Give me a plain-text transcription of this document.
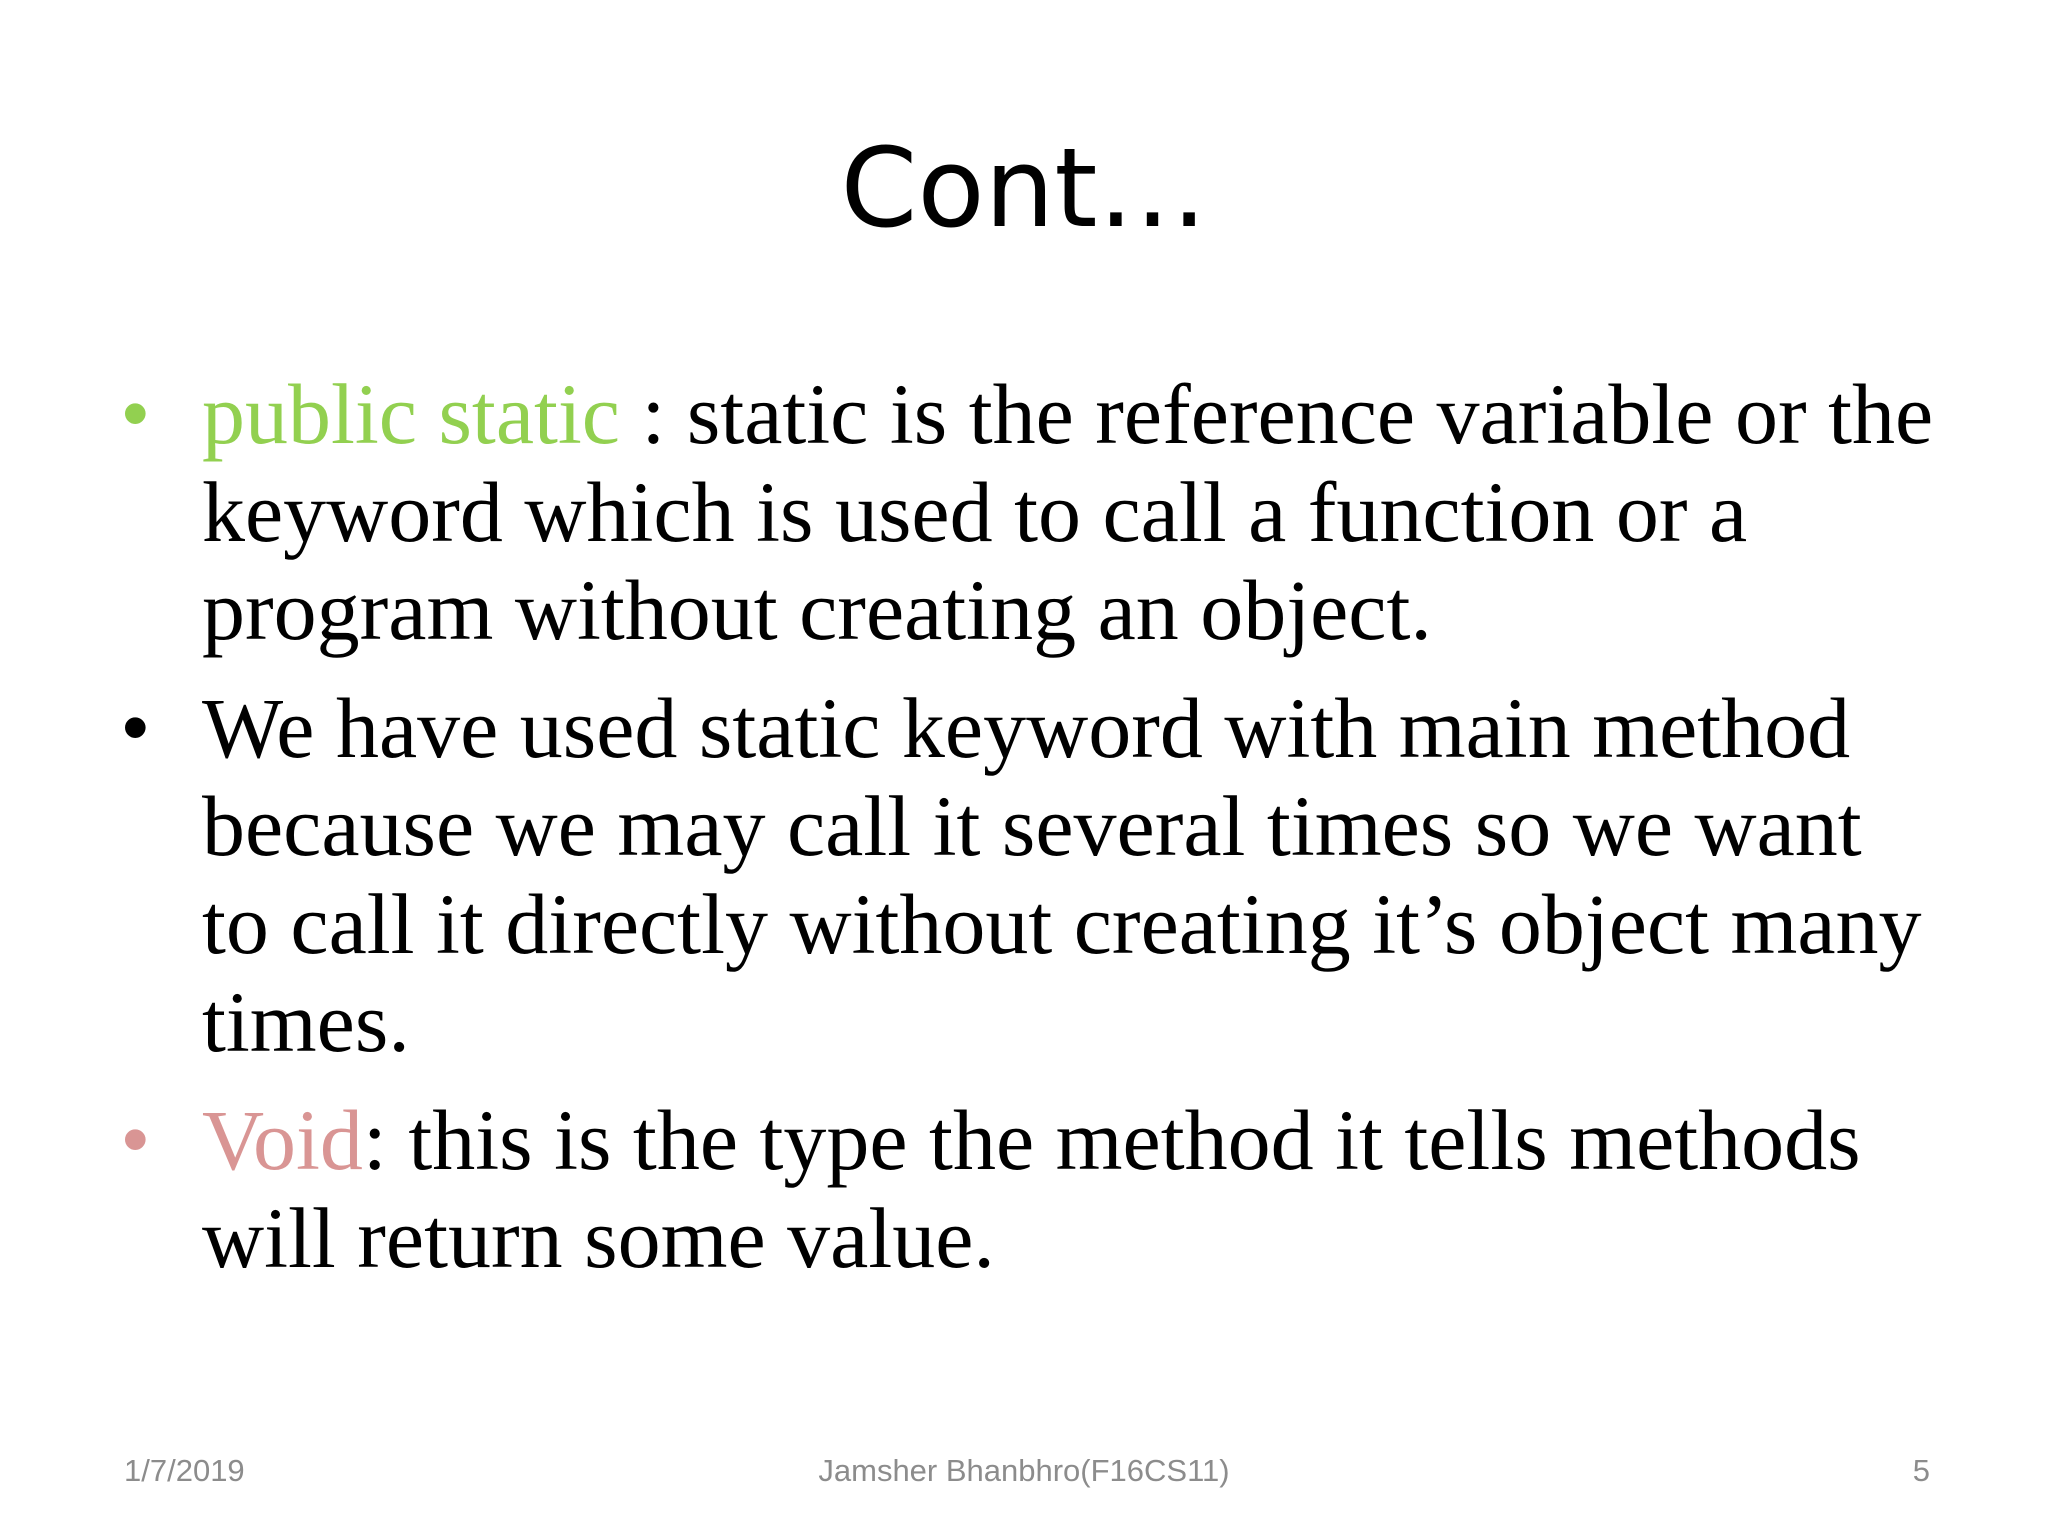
Cont…
• public static : static is the reference variable or the keyword which is used to call a function or a program without creating an object.
• We have used static keyword with main method because we may call it several times so we want to call it directly without creating it’s object many times.
• Void: this is the type the method it tells methods will return some value.
1/7/2019	Jamsher Bhanbhro(F16CS11)	5
